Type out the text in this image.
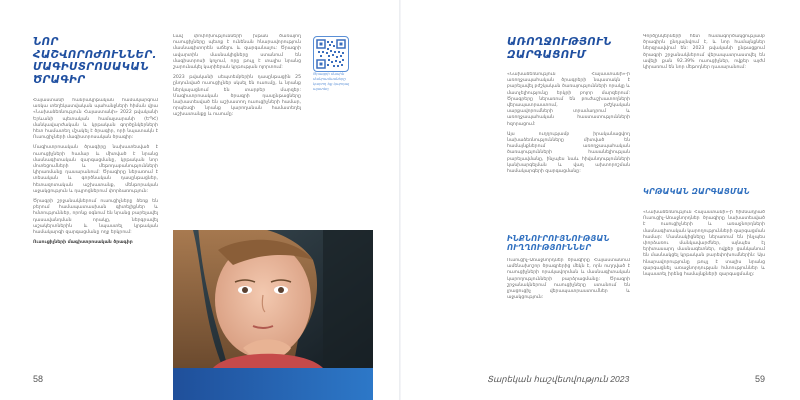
ՆՈՐ ՀԱՇՎՈՐՈԺՈՒՆՆԵՐ. ՄԱԳԻՍՏՐՈՍԱԿԱՆ ԾՐԱԳԻՐ

Հայաստանի հանրակրթական համակարգում առկա տեղեկատվական պահանջների հիման վրա «Նախաձեռնություն Հայաստանի» 2022 թվականի Երևանի պետական համալսարանի (ԵՊՀ) մանկավարժական և կրթական գործընկերների հետ համատեղ մշակել է ծրագիր, որի նպատակն է Ուսուցիչների մագիստրոսական ծրագիր:

Մագիստրոսական ծրագիրը նախատեսված է ուսուցիչների համար և միտված է նրանց մասնագիտական զարգացմանը, կրթական նոր մոտեցումների և մեթոդաբանությունների կիրառմանը դասարանում: Ծրագիրը ներառում է տեսական և գործնական դասընթացներ, հետազոտական աշխատանք, մենթորական աջակցություն և դպրոցներում փորձառություն:

Ծրագրի շրջանակներում ուսուցիչները ձեռք են բերում համապատասխան գիտելիքներ և հմտություններ, որոնք օգնում են նրանց բարելավել դասավանդման որակը, ներգրավել աշակերտներին և նպաստել կրթական համակարգի զարգացմանը ողջ երկրում:

Ուսուցիչների մագիստրոսական ծրագիր

Լավ փոփոխությունների խթան ծառայող ուսուցիչները պետք է ունենան հնարավորություն մասնագիտորեն աճելու և զարգանալու: Ծրագրի ավարտին մասնակիցները ստանում են մագիստրոսի կոչում, որը թույլ է տալիս նրանց շարունակել կարիերան կրթության ոլորտում:

2023 թվականի սեպտեմբերին դասընթացին 25 ընդունված ուսուցիչներ սկսել են ուսումը, և նրանք ներկայացնում են տարբեր մարզեր: Մագիստրոսական ծրագրի դասընթացները նախատեսված են աշխատող ուսուցիչների համար, որպեսզի նրանք կարողանան համատեղել աշխատանքը և ուսումը:

Ծրագրի մասին մանրամասները կարող եք կարդալ այստեղ
58
ԱՌՈՂՋՈՒԹՅՈՒՆ ԶԱՐԳԱՑՈՒՄ

«Նախաձեռնություն Հայաստանի»-ի առողջապահական ծրագրերի նպատակն է բարելավել բժշկական ծառայությունների որակը և մատչելիությունը երկրի բոլոր մարզերում: Ծրագրերը ներառում են բուժաշխատողների վերապատրաստում, բժշկական սարքավորումների տրամադրում և առողջապահական հաստատությունների հզորացում:

Այս ուղղությամբ իրականացվող նախաձեռնությունները միտված են համայնքներում առողջապահական ծառայությունների հասանելիության բարելավմանը, ինչպես նաև հիվանդությունների կանխարգելման և վաղ ախտորոշման համակարգերի զարգացմանը:

ԻՆՔՆՈՒՐՈՒՅՆՈՒԹՅԱՆ ՈՒՂՂՈՒԹՅՈՒՆՆԵՐ

Ուսուցիչ-Առաջնորդներ ծրագիրը Հայաստանում ամենախոշոր ծրագրերից մեկն է, որն ուղղված է ուսուցիչների որակավորման և մասնագիտական կարողությունների բարձրացմանը: Ծրագրի շրջանակներում ուսուցիչները ստանում են լրացուցիչ վերապատրաստումներ և աջակցություն:

Գործընկերների հետ համագործակցությամբ ծրագիրն ընդլայնվում է, և նոր համայնքներ ներգրավվում են: 2023 թվականի ընթացքում ծրագրի շրջանակներում վերապատրաստվել են ավելի քան 92.39% ուսուցիչներ, ովքեր այժմ կիրառում են նոր մեթոդներ դասարանում:

ԿՐԹԱԿԱՆ ԶԱՐԳԱՑՄԱՆ

«Նախաձեռնություն Հայաստանի»-ի հիմնադրած Ուսուցիչ-Առաջնորդներ ծրագիրը նախատեսված է ուսուցիչների և առաջնորդների մասնագիտական կարողությունների զարգացման համար: Մասնակիցները ներառում են ինչպես փորձառու մանկավարժներ, այնպես էլ երիտասարդ մասնագետներ, ովքեր ցանկանում են մասնակցել կրթական բարեփոխումներին: Այս հնարավորությունը թույլ է տալիս նրանց զարգացնել առաջնորդության հմտություններ և նպաստել իրենց համայնքների զարգացմանը:

Տարեկան հաշվետվություն 2023	59
